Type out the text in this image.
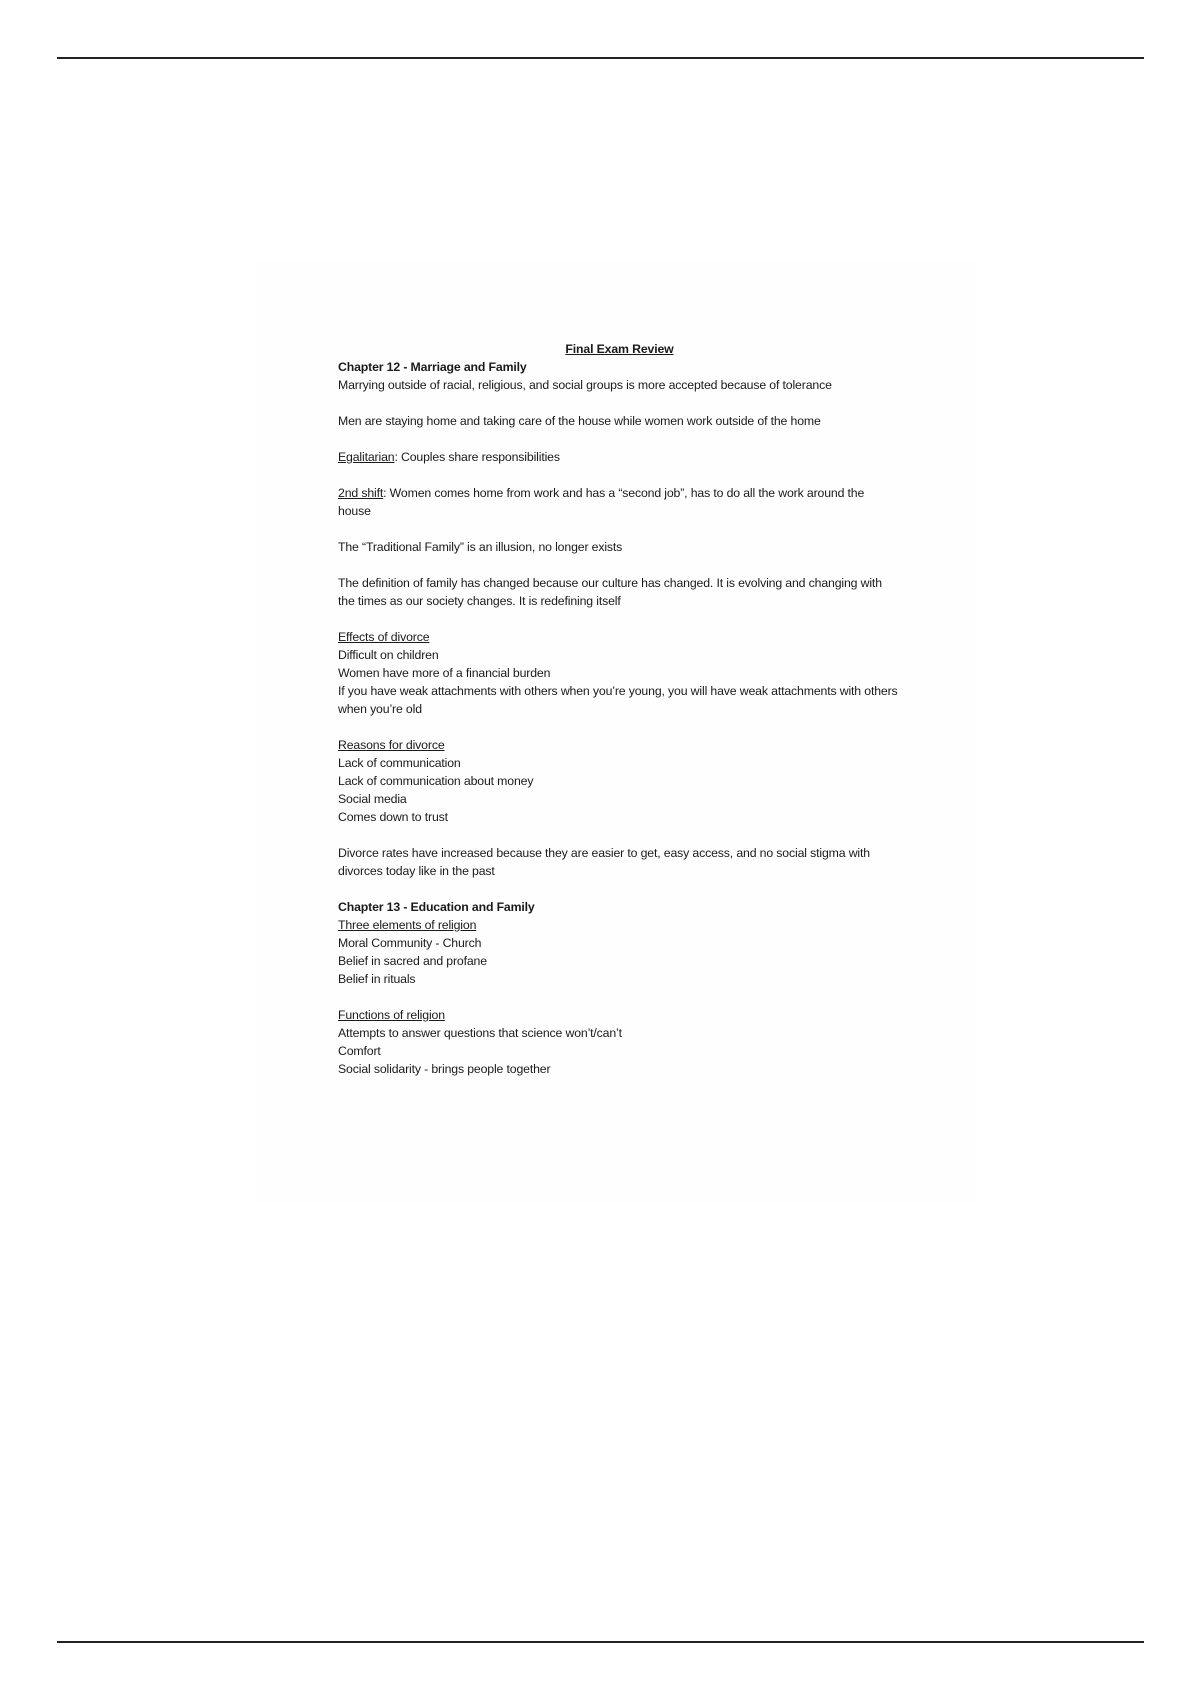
Final Exam Review

Chapter 12 - Marriage and Family

Marrying outside of racial, religious, and social groups is more accepted because of tolerance

Men are staying home and taking care of the house while women work outside of the home

Egalitarian: Couples share responsibilities

2nd shift: Women comes home from work and has a “second job”, has to do all the work around the house

The “Traditional Family” is an illusion, no longer exists

The definition of family has changed because our culture has changed. It is evolving and changing with the times as our society changes. It is redefining itself

Effects of divorce

Difficult on children

Women have more of a financial burden

If you have weak attachments with others when you’re young, you will have weak attachments with others when you’re old

Reasons for divorce

Lack of communication

Lack of communication about money

Social media

Comes down to trust

Divorce rates have increased because they are easier to get, easy access, and no social stigma with divorces today like in the past

Chapter 13 - Education and Family

Three elements of religion

Moral Community - Church

Belief in sacred and profane

Belief in rituals

Functions of religion

Attempts to answer questions that science won’t/can’t

Comfort

Social solidarity - brings people together
